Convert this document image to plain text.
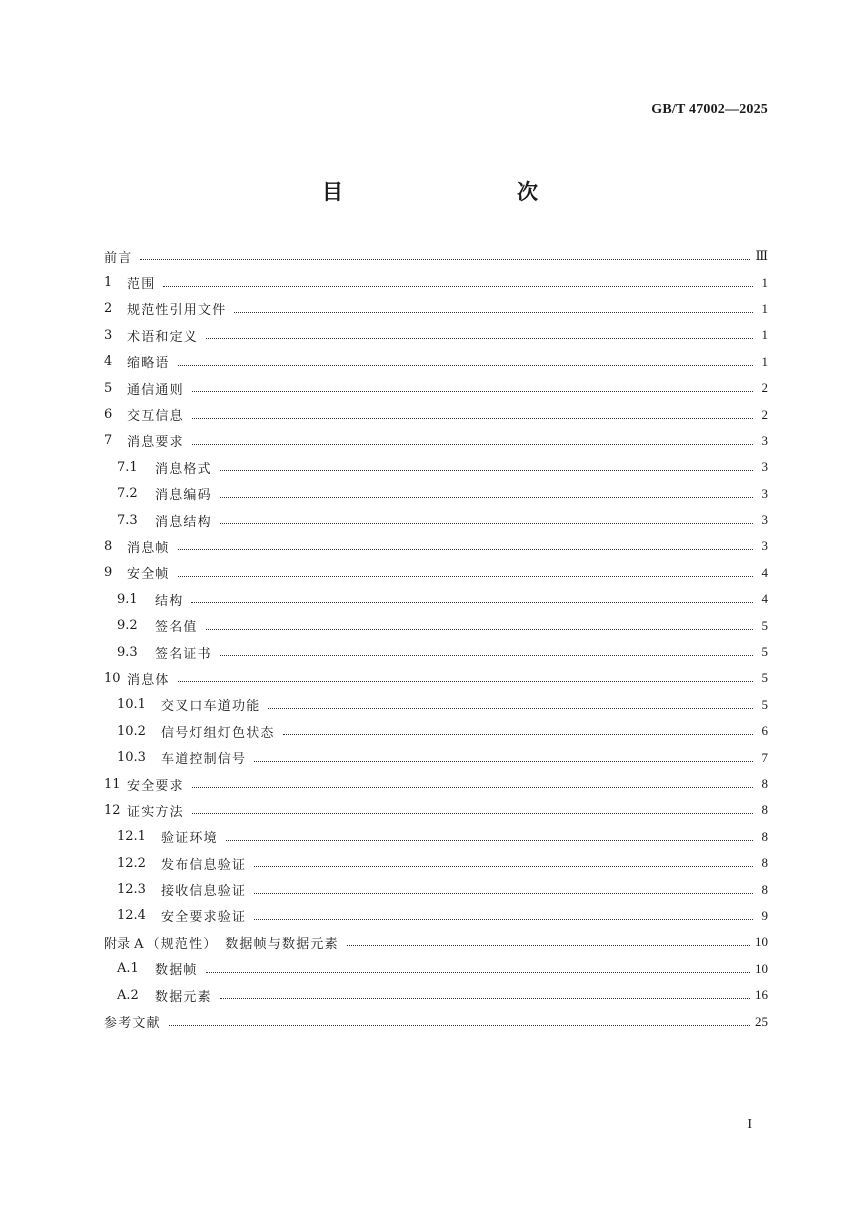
GB/T 47002—2025
目　　次
前言	Ⅲ
1	范围	1
2	规范性引用文件	1
3	术语和定义	1
4	缩略语	1
5	通信通则	2
6	交互信息	2
7	消息要求	3
7.1	消息格式	3
7.2	消息编码	3
7.3	消息结构	3
8	消息帧	3
9	安全帧	4
9.1	结构	4
9.2	签名值	5
9.3	签名证书	5
10 消息体	5
10.1	交叉口车道功能	5
10.2	信号灯组灯色状态	6
10.3	车道控制信号	7
11 安全要求	8
12 证实方法	8
12.1	验证环境	8
12.2	发布信息验证	8
12.3	接收信息验证	8
12.4	安全要求验证	9
附录 A （规范性）　数据帧与数据元素	10
A.1	数据帧	10
A.2	数据元素	16
参考文献	25
I
